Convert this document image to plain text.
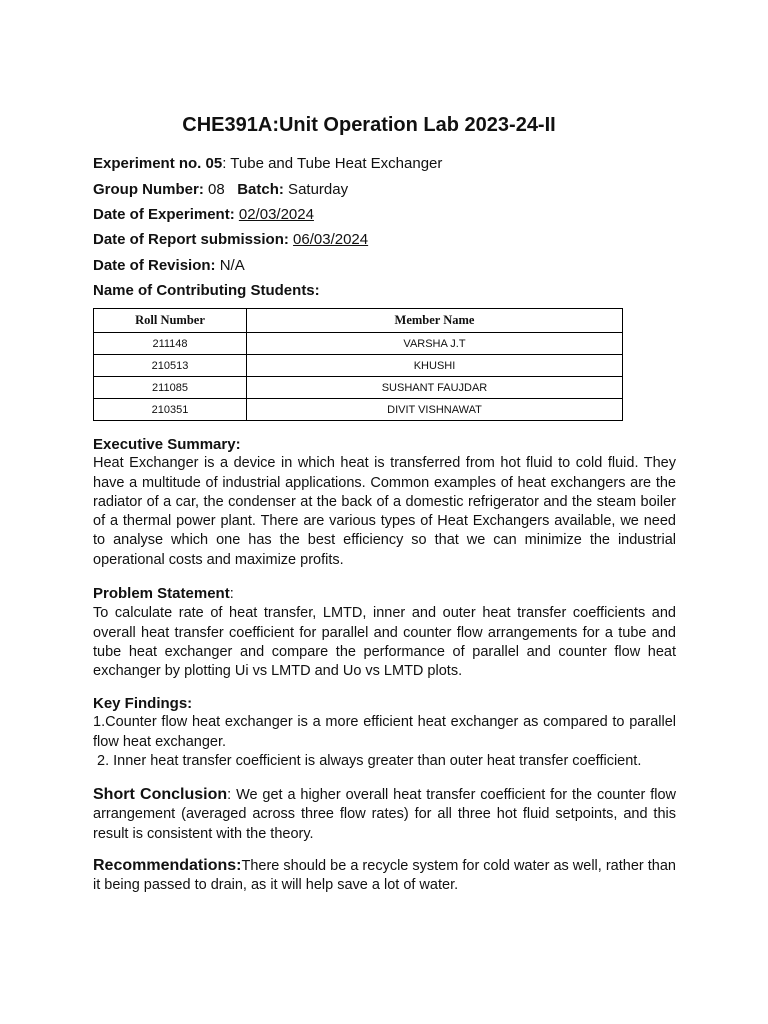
CHE391A:Unit Operation Lab 2023-24-II
Experiment no. 05: Tube and Tube Heat Exchanger
Group Number: 08 Batch: Saturday
Date of Experiment: 02/03/2024
Date of Report submission: 06/03/2024
Date of Revision: N/A
Name of Contributing Students:
Roll Number	Member Name
211148	VARSHA J.T
210513	KHUSHI
211085	SUSHANT FAUJDAR
210351	DIVIT VISHNAWAT
Executive Summary:
Heat Exchanger is a device in which heat is transferred from hot fluid to cold fluid. They have a multitude of industrial applications. Common examples of heat exchangers are the radiator of a car, the condenser at the back of a domestic refrigerator and the steam boiler of a thermal power plant. There are various types of Heat Exchangers available, we need to analyse which one has the best efficiency so that we can minimize the industrial operational costs and maximize profits.
Problem Statement:
To calculate rate of heat transfer, LMTD, inner and outer heat transfer coefficients and overall heat transfer coefficient for parallel and counter flow arrangements for a tube and tube heat exchanger and compare the performance of parallel and counter flow heat exchanger by plotting Ui vs LMTD and Uo vs LMTD plots.
Key Findings:
1.Counter flow heat exchanger is a more efficient heat exchanger as compared to parallel flow heat exchanger.
2. Inner heat transfer coefficient is always greater than outer heat transfer coefficient.
Short Conclusion: We get a higher overall heat transfer coefficient for the counter flow arrangement (averaged across three flow rates) for all three hot fluid setpoints, and this result is consistent with the theory.
Recommendations:There should be a recycle system for cold water as well, rather than it being passed to drain, as it will help save a lot of water.
